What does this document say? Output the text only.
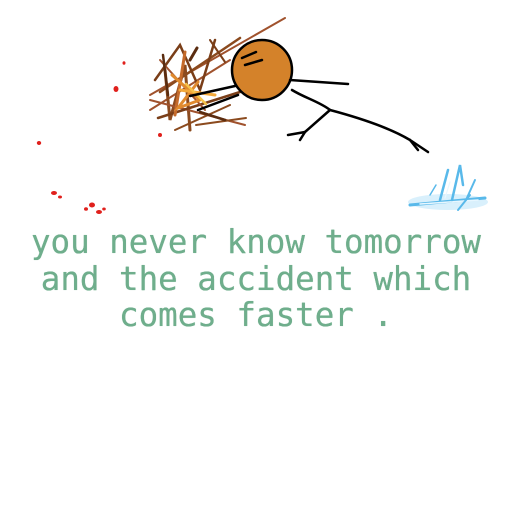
you never know tomorrow
and the accident which
comes faster .
